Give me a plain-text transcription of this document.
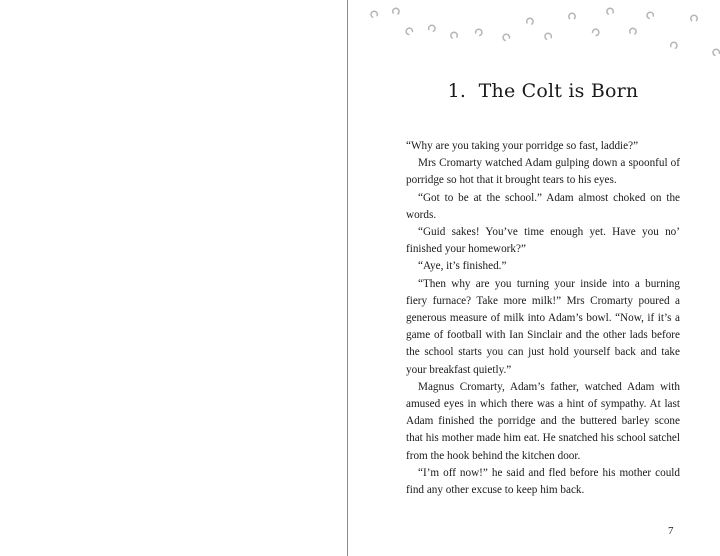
1.  The Colt is Born

“Why are you taking your porridge so fast, laddie?”

Mrs Cromarty watched Adam gulping down a spoonful of porridge so hot that it brought tears to his eyes.

“Got to be at the school.” Adam almost choked on the words.

“Guid sakes! You’ve time enough yet. Have you no’ finished your homework?”

“Aye, it’s finished.”

“Then why are you turning your inside into a burning fiery furnace? Take more milk!” Mrs Cromarty poured a generous measure of milk into Adam’s bowl. “Now, if it’s a game of football with Ian Sinclair and the other lads before the school starts you can just hold yourself back and take your breakfast quietly.”

Magnus Cromarty, Adam’s father, watched Adam with amused eyes in which there was a hint of sympathy. At last Adam finished the porridge and the buttered barley scone that his mother made him eat. He snatched his school satchel from the hook behind the kitchen door.

“I’m off now!” he said and fled before his mother could find any other excuse to keep him back.

7
